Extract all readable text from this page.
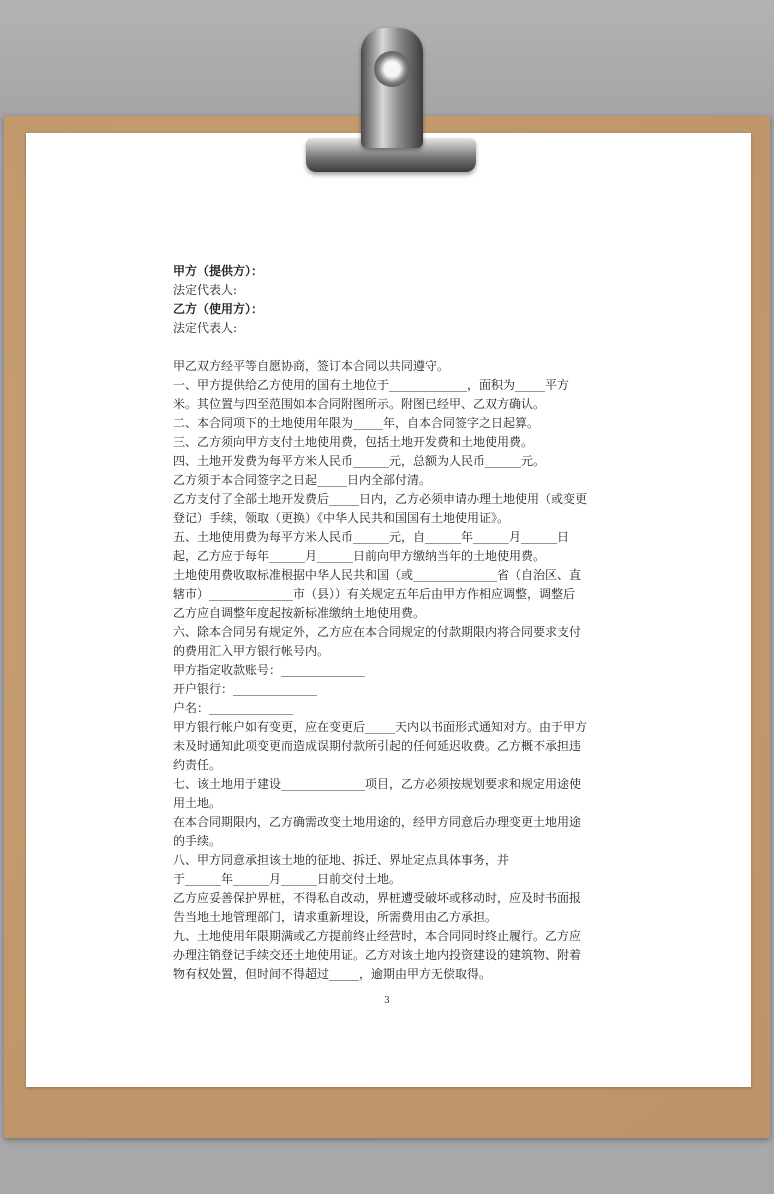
甲方（提供方）：

法定代表人:

乙方（使用方）：

法定代表人:

甲乙双方经平等自愿协商，签订本合同以共同遵守。

一、甲方提供给乙方使用的国有土地位于_____________，面积为_____平方

米。其位置与四至范围如本合同附图所示。附图已经甲、乙双方确认。

二、本合同项下的土地使用年限为_____年，自本合同签字之日起算。

三、乙方须向甲方支付土地使用费，包括土地开发费和土地使用费。

四、土地开发费为每平方米人民币______元，总额为人民币______元。

乙方须于本合同签字之日起_____日内全部付清。

乙方支付了全部土地开发费后_____日内，乙方必须申请办理土地使用（或变更

登记）手续，领取（更换）《中华人民共和国国有土地使用证》。

五、土地使用费为每平方米人民币______元，自______年______月______日

起，乙方应于每年______月______日前向甲方缴纳当年的土地使用费。

土地使用费收取标准根据中华人民共和国（或______________省（自治区、直

辖市）______________市（县））有关规定五年后由甲方作相应调整，调整后

乙方应自调整年度起按新标准缴纳土地使用费。

六、除本合同另有规定外，乙方应在本合同规定的付款期限内将合同要求支付

的费用汇入甲方银行帐号内。

甲方指定收款账号：______________

开户银行：______________

户名：______________

甲方银行帐户如有变更，应在变更后_____天内以书面形式通知对方。由于甲方

未及时通知此项变更而造成误期付款所引起的任何延迟收费。乙方概不承担违

约责任。

七、该土地用于建设______________项目，乙方必须按规划要求和规定用途使

用土地。

在本合同期限内，乙方确需改变土地用途的，经甲方同意后办理变更土地用途

的手续。

八、甲方同意承担该土地的征地、拆迁、界址定点具体事务，并

于______年______月______日前交付土地。

乙方应妥善保护界桩，不得私自改动，界桩遭受破坏或移动时，应及时书面报

告当地土地管理部门，请求重新埋设，所需费用由乙方承担。

九、土地使用年限期满或乙方提前终止经营时，本合同同时终止履行。乙方应

办理注销登记手续交还土地使用证。乙方对该土地内投资建设的建筑物、附着

物有权处置，但时间不得超过_____，逾期由甲方无偿取得。

3
